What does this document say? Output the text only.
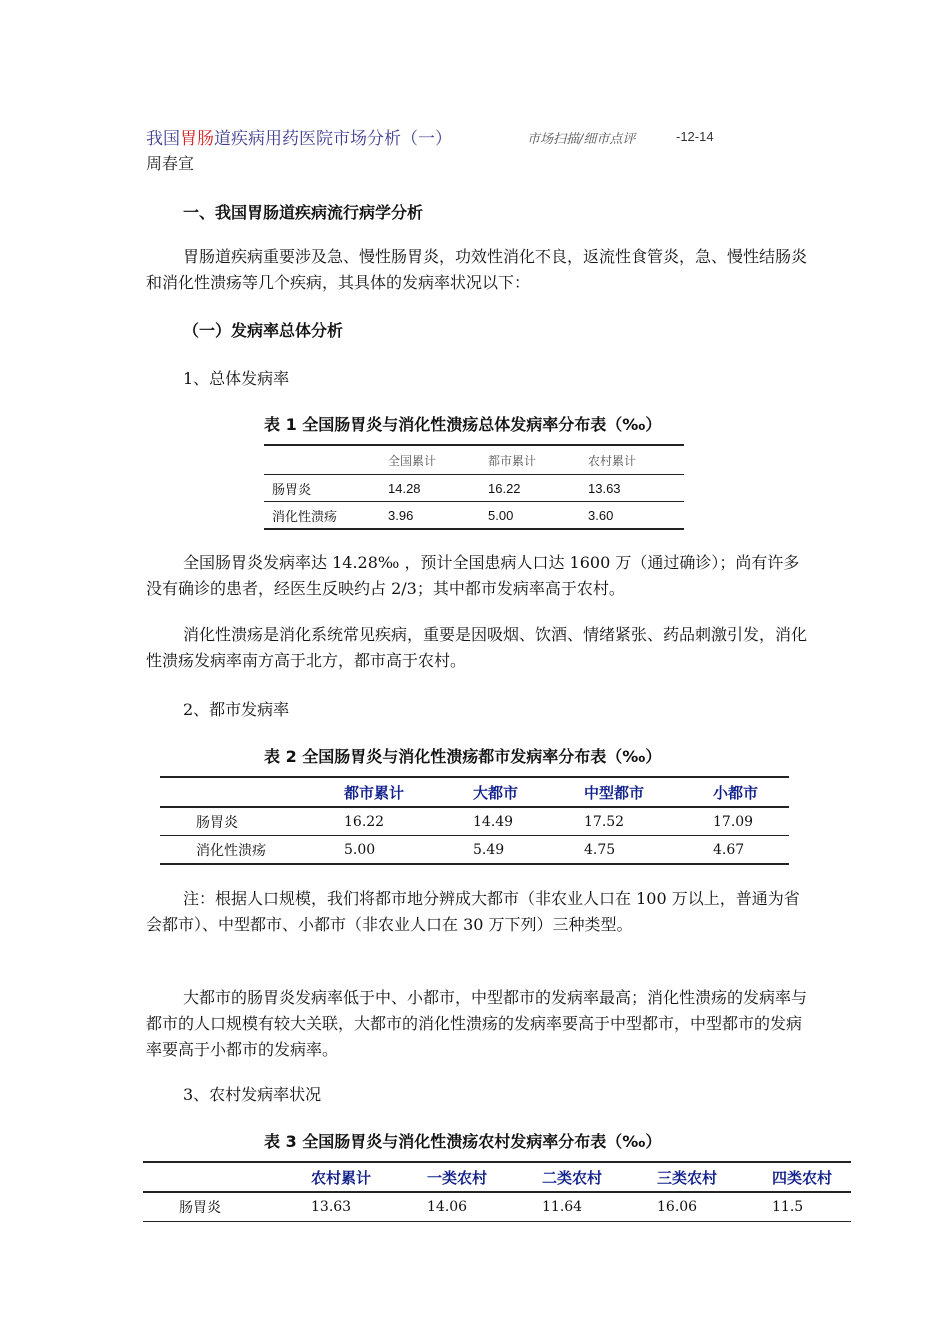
我国胃肠道疾病用药医院市场分析（一）	市场扫描/细市点评	-12-14
周春宣
一、我国胃肠道疾病流行病学分析
胃肠道疾病重要涉及急、慢性肠胃炎，功效性消化不良，返流性食管炎，急、慢性结肠炎和消化性溃疡等几个疾病，其具体的发病率状况以下：
（一）发病率总体分析
1、总体发病率
表 1 全国肠胃炎与消化性溃疡总体发病率分布表（‰）
	全国累计	都市累计	农村累计
肠胃炎	14.28	16.22	13.63
消化性溃疡	3.96	5.00	3.60
全国肠胃炎发病率达 14.28‰ ，预计全国患病人口达 1600 万（通过确诊）；尚有许多没有确诊的患者，经医生反映约占 2/3；其中都市发病率高于农村。
消化性溃疡是消化系统常见疾病，重要是因吸烟、饮酒、情绪紧张、药品刺激引发，消化性溃疡发病率南方高于北方，都市高于农村。
2、都市发病率
表 2 全国肠胃炎与消化性溃疡都市发病率分布表（‰）
	都市累计	大都市	中型都市	小都市
肠胃炎	16.22	14.49	17.52	17.09
消化性溃疡	5.00	5.49	4.75	4.67
注：根据人口规模，我们将都市地分辨成大都市（非农业人口在 100 万以上，普通为省会都市）、中型都市、小都市（非农业人口在 30 万下列）三种类型。
大都市的肠胃炎发病率低于中、小都市，中型都市的发病率最高；消化性溃疡的发病率与都市的人口规模有较大关联，大都市的消化性溃疡的发病率要高于中型都市，中型都市的发病率要高于小都市的发病率。
3、农村发病率状况
表 3 全国肠胃炎与消化性溃疡农村发病率分布表（‰）
	农村累计	一类农村	二类农村	三类农村	四类农村
肠胃炎	13.63	14.06	11.64	16.06	11.5
